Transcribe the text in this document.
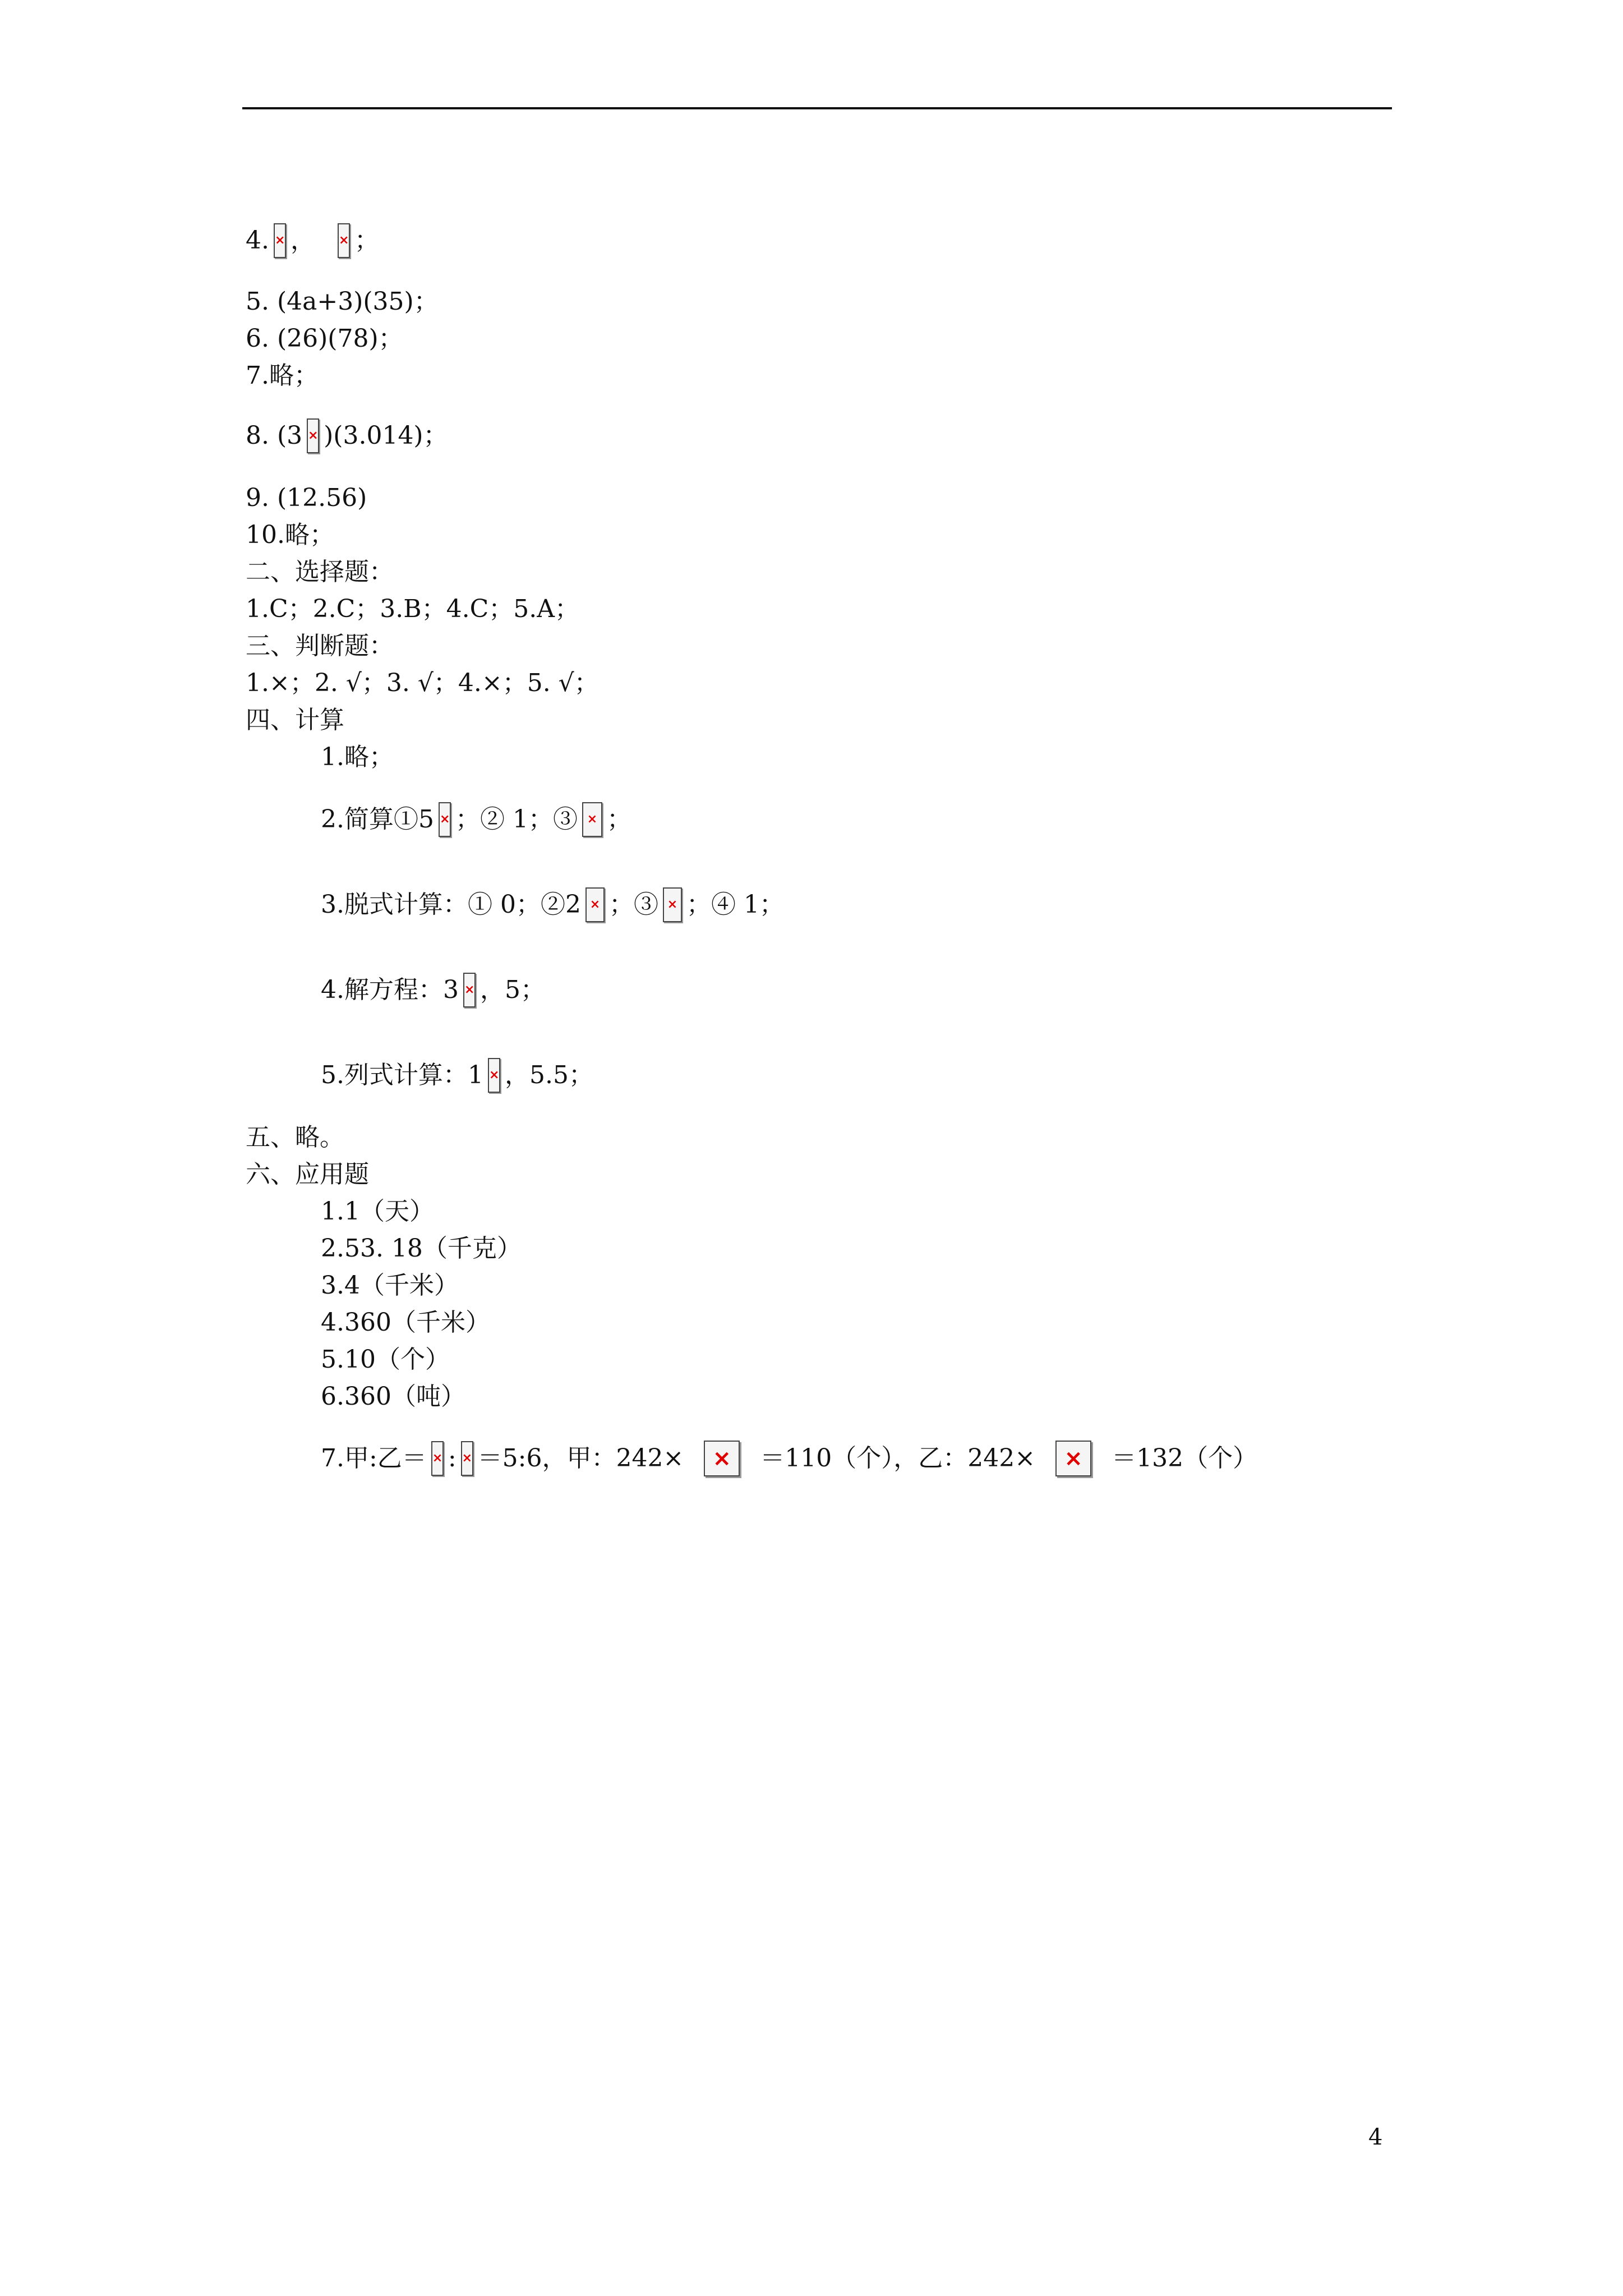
4. × ， × ；
5. (4a+3)(35)；
6. (26)(78)；
7.略；
8. (3 × )(3.014)；
9. (12.56)
10.略；
二、选择题：
1.C；2.C；3.B；4.C；5.A；
三、判断题：
1.×；2. √；3. √；4.×；5. √；
四、计算
1.略；
2.简算①5 × ；② 1；③ × ；
3.脱式计算：① 0；②2 × ；③ × ；④ 1；
4.解方程：3 × ，5；
5.列式计算：1 × ，5.5；
五、略。
六、应用题
1.1（天）
2.53. 18（千克）
3.4（千米）
4.360（千米）
5.10（个）
6.360（吨）
7.甲:乙＝ × : × ＝5:6，甲：242× ×	＝110（个），乙：242× ×	＝132（个）
4
